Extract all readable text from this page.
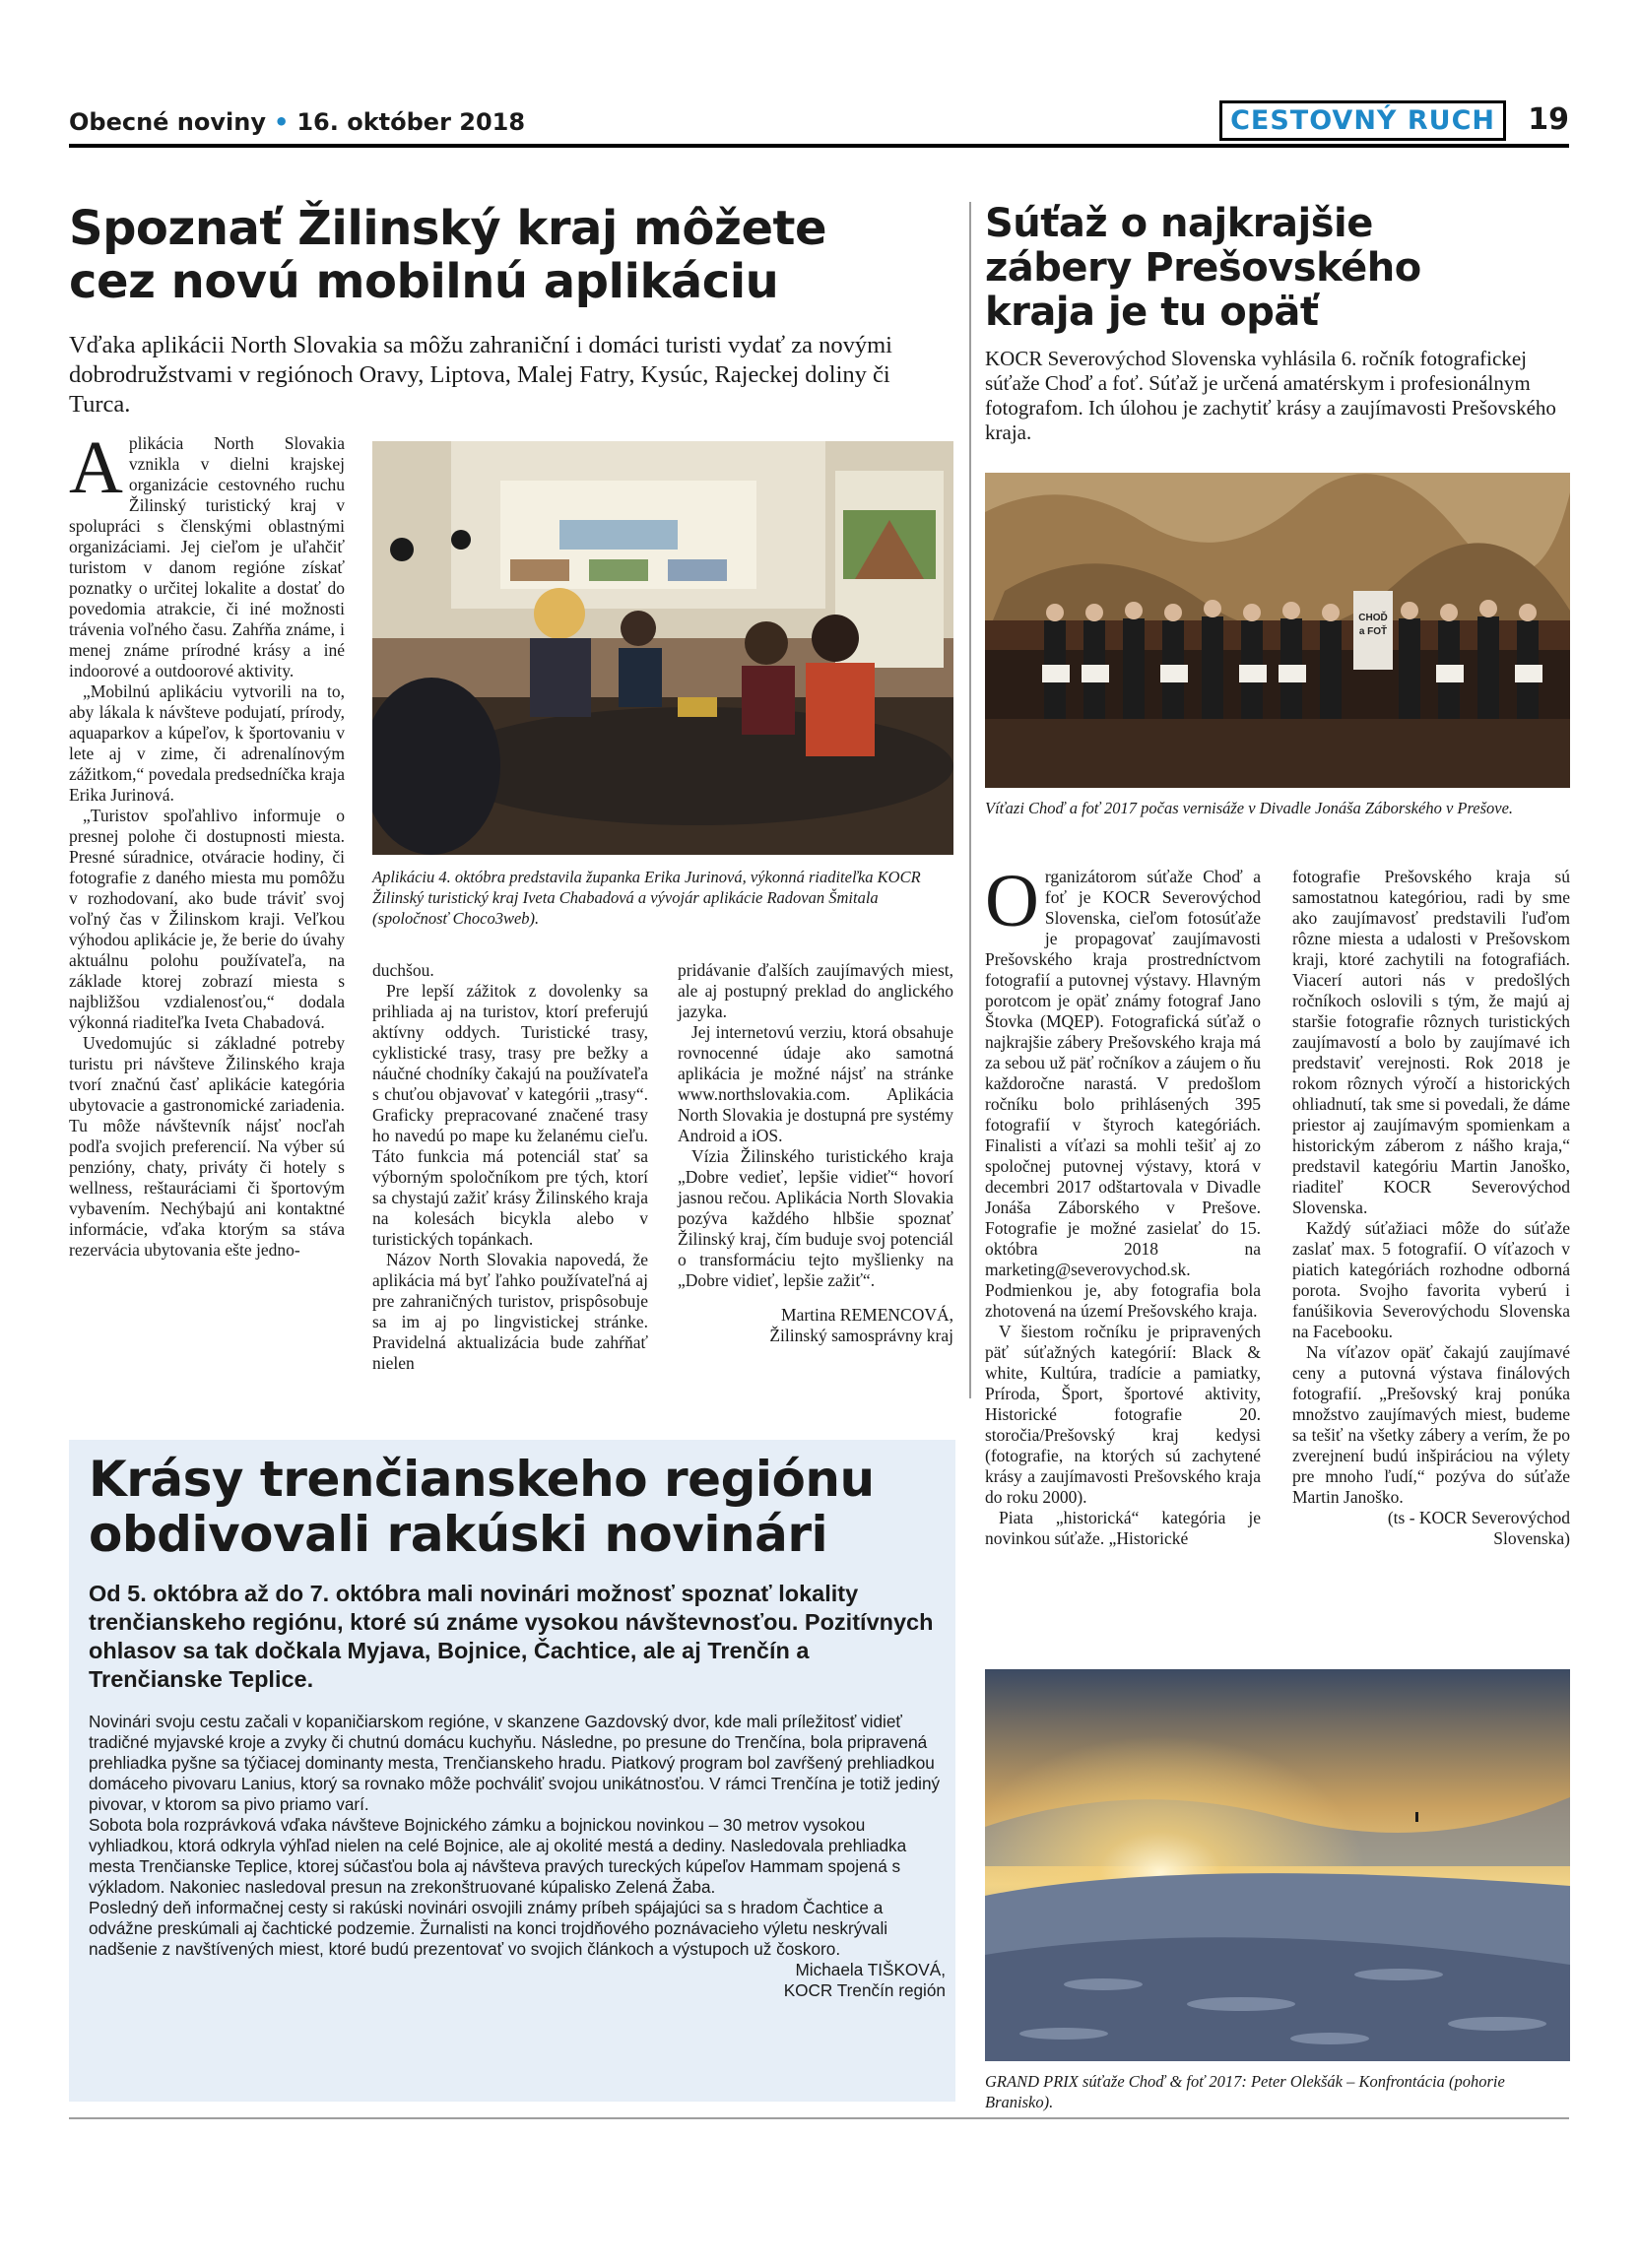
Obecné noviny • 16. október 2018	CESTOVNÝ RUCH	19
Spoznať Žilinský kraj môžete
cez novú mobilnú aplikáciu
Vďaka aplikácii North Slovakia sa môžu zahraniční i domáci turisti vydať za novými dobrodružstvami v regiónoch Oravy, Liptova, Malej Fatry, Kysúc, Rajeckej doliny či Turca.

Aplikácia North Slovakia vznikla v dielni krajskej organizácie cestovného ruchu Žilinský turistický kraj v spolupráci s členskými oblastnými organizáciami. Jej cieľom je uľahčiť turistom v danom regióne získať poznatky o určitej lokalite a dostať do povedomia atrakcie, či iné možnosti trávenia voľného času. Zahŕňa známe, i menej známe prírodné krásy a iné indoorové a outdoorové aktivity.

„Mobilnú aplikáciu vytvorili na to, aby lákala k návšteve podujatí, prírody, aquaparkov a kúpeľov, k športovaniu v lete aj v zime, či adrenalínovým zážitkom,“ povedala predsedníčka kraja Erika Jurinová.

„Turistov spoľahlivo informuje o presnej polohe či dostupnosti miesta. Presné súradnice, otváracie hodiny, či fotografie z daného miesta mu pomôžu v rozhodovaní, ako bude tráviť svoj voľný čas v Žilinskom kraji. Veľkou výhodou aplikácie je, že berie do úvahy aktuálnu polohu používateľa, na základe ktorej zobrazí miesta s najbližšou vzdialenosťou,“ dodala výkonná riaditeľka Iveta Chabadová.

Uvedomujúc si základné potreby turistu pri návšteve Žilinského kraja tvorí značnú časť aplikácie kategória ubytovacie a gastronomické zariadenia. Tu môže návštevník nájsť nocľah podľa svojich preferencií. Na výber sú penzióny, chaty, priváty či hotely s wellness, reštauráciami či športovým vybavením. Nechýbajú ani kontaktné informácie, vďaka ktorým sa stáva rezervácia ubytovania ešte jedno-

Aplikáciu 4. októbra predstavila županka Erika Jurinová, výkonná riaditeľka KOCR Žilinský turistický kraj Iveta Chabadová a vývojár aplikácie Radovan Šmitala (spoločnosť Choco3web).

duchšou.

Pre lepší zážitok z dovolenky sa prihliada aj na turistov, ktorí preferujú aktívny oddych. Turistické trasy, cyklistické trasy, trasy pre bežky a náučné chodníky čakajú na používateľa s chuťou objavovať v kategórii „trasy“. Graficky prepracované značené trasy ho navedú po mape ku želanému cieľu. Táto funkcia má potenciál stať sa výborným spoločníkom pre tých, ktorí sa chystajú zažiť krásy Žilinského kraja na kolesách bicykla alebo v turistických topánkach.

Názov North Slovakia napovedá, že aplikácia má byť ľahko používateľná aj pre zahraničných turistov, prispôsobuje sa im aj po lingvistickej stránke. Pravidelná aktualizácia bude zahŕňať nielen

pridávanie ďalších zaujímavých miest, ale aj postupný preklad do anglického jazyka.

Jej internetovú verziu, ktorá obsahuje rovnocenné údaje ako samotná aplikácia je možné nájsť na stránke www.northslovakia.com. Aplikácia North Slovakia je dostupná pre systémy Android a iOS.

Vízia Žilinského turistického kraja „Dobre vedieť, lepšie vidieť“ hovorí jasnou rečou. Aplikácia North Slovakia pozýva každého hlbšie spoznať Žilinský kraj, čím buduje svoj potenciál o transformáciu tejto myšlienky na „Dobre vidieť, lepšie zažiť“.

Martina REMENCOVÁ,

Žilinský samosprávny kraj

Súťaž o najkrajšie
zábery Prešovského
kraja je tu opäť
KOCR Severovýchod Slovenska vyhlásila 6. ročník fotografickej súťaže Choď a foť. Súťaž je určená amatérskym i profesionálnym fotografom. Ich úlohou je zachytiť krásy a zaujímavosti Prešovského kraja.
CHOĎ
a FOŤ
Víťazi Choď a foť 2017 počas vernisáže v Divadle Jonáša Záborského v Prešove.

Organizátorom súťaže Choď a foť je KOCR Severovýchod Slovenska, cieľom fotosúťaže je propagovať zaujímavosti Prešovského kraja prostredníctvom fotografií a putovnej výstavy. Hlavným porotcom je opäť známy fotograf Jano Štovka (MQEP). Fotografická súťaž o najkrajšie zábery Prešovského kraja má za sebou už päť ročníkov a záujem o ňu každoročne narastá. V predošlom ročníku bolo prihlásených 395 fotografií v štyroch kategóriách. Finalisti a víťazi sa mohli tešiť aj zo spoločnej putovnej výstavy, ktorá v decembri 2017 odštartovala v Divadle Jonáša Záborského v Prešove. Fotografie je možné zasielať do 15. októbra 2018 na marketing@severovychod.sk. Podmienkou je, aby fotografia bola zhotovená na území Prešovského kraja.

V šiestom ročníku je pripravených päť súťažných kategórií: Black & white, Kultúra, tradície a pamiatky, Príroda, Šport, športové aktivity, Historické fotografie 20. storočia/Prešovský kraj kedysi (fotografie, na ktorých sú zachytené krásy a zaujímavosti Prešovského kraja do roku 2000).

Piata „historická“ kategória je novinkou súťaže. „Historické

fotografie Prešovského kraja sú samostatnou kategóriou, radi by sme ako zaujímavosť predstavili ľuďom rôzne miesta a udalosti v Prešovskom kraji, ktoré zachytili na fotografiách. Viacerí autori nás v predošlých ročníkoch oslovili s tým, že majú aj staršie fotografie rôznych turistických zaujímavostí a bolo by zaujímavé ich predstaviť verejnosti. Rok 2018 je rokom rôznych výročí a historických ohliadnutí, tak sme si povedali, že dáme priestor aj zaujímavým spomienkam a historickým záberom z nášho kraja,“ predstavil kategóriu Martin Janoško, riaditeľ KOCR Severovýchod Slovenska.

Každý súťažiaci môže do súťaže zaslať max. 5 fotografií. O víťazoch v piatich kategóriách rozhodne odborná porota. Svojho favorita vyberú i fanúšikovia Severovýchodu Slovenska na Facebooku.

Na víťazov opäť čakajú zaujímavé ceny a putovná výstava finálových fotografií. „Prešovský kraj ponúka množstvo zaujímavých miest, budeme sa tešiť na všetky zábery a verím, že po zverejnení budú inšpiráciou na výlety pre mnoho ľudí,“ pozýva do súťaže Martin Janoško.

(ts - KOCR Severovýchod

Slovenska)

GRAND PRIX súťaže Choď & foť 2017: Peter Olekšák – Konfrontácia (pohorie Branisko).
Krásy trenčianskeho regiónu
obdivovali rakúski novinári
Od 5. októbra až do 7. októbra mali novinári možnosť spoznať lokality trenčianskeho regiónu, ktoré sú známe vysokou návštevnosťou. Pozitívnych ohlasov sa tak dočkala Myjava, Bojnice, Čachtice, ale aj Trenčín a Trenčianske Teplice.

Novinári svoju cestu začali v kopaničiarskom regióne, v skanzene Gazdovský dvor, kde mali príležitosť vidieť tradičné myjavské kroje a zvyky či chutnú domácu kuchyňu. Následne, po presune do Trenčína, bola pripravená prehliadka pyšne sa týčiacej dominanty mesta, Trenčianskeho hradu. Piatkový program bol zavŕšený prehliadkou domáceho pivovaru Lanius, ktorý sa rovnako môže pochváliť svojou unikátnosťou. V rámci Trenčína je totiž jediný pivovar, v ktorom sa pivo priamo varí.

Sobota bola rozprávková vďaka návšteve Bojnického zámku a bojnickou novinkou – 30 metrov vysokou vyhliadkou, ktorá odkryla výhľad nielen na celé Bojnice, ale aj okolité mestá a dediny. Nasledovala prehliadka mesta Trenčianske Teplice, ktorej súčasťou bola aj návšteva pravých tureckých kúpeľov Hammam spojená s výkladom. Nakoniec nasledoval presun na zrekonštruované kúpalisko Zelená Žaba.

Posledný deň informačnej cesty si rakúski novinári osvojili známy príbeh spájajúci sa s hradom Čachtice a odvážne preskúmali aj čachtické podzemie. Žurnalisti na konci trojdňového poznávacieho výletu neskrývali nadšenie z navštívených miest, ktoré budú prezentovať vo svojich článkoch a výstupoch už čoskoro.

Michaela TIŠKOVÁ,

KOCR Trenčín región
